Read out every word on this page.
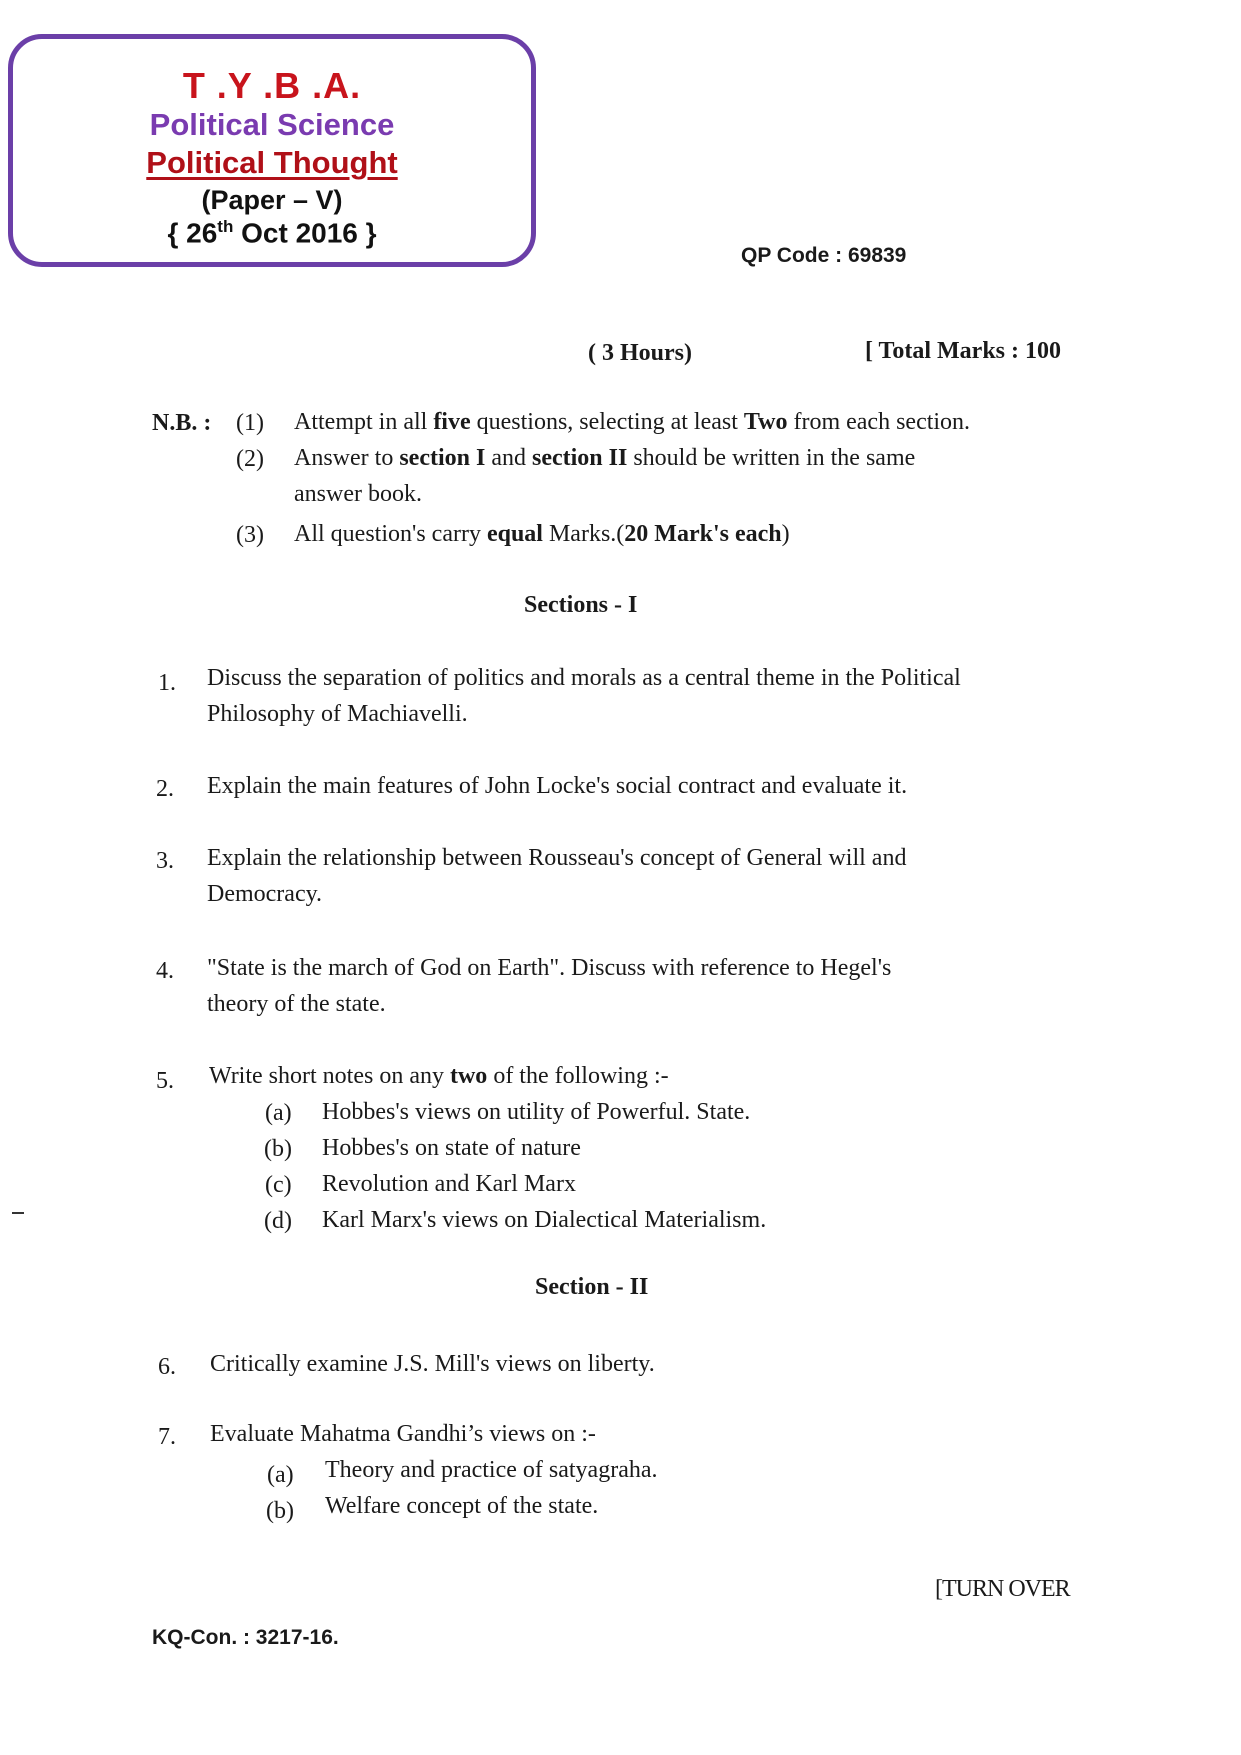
T .Y .B .A.
Political Science
Political Thought
(Paper – V)
{ 26th Oct 2016 }
QP Code : 69839
( 3 Hours)	[ Total Marks : 100
N.B. : (1) Attempt in all five questions, selecting at least Two from each section.
(2) Answer to section I and section II should be written in the same
answer book.
(3) All question's carry equal Marks.(20 Mark's each)
Sections - I
1. Discuss the separation of politics and morals as a central theme in the Political
Philosophy of Machiavelli.
2. Explain the main features of John Locke's social contract and evaluate it.
3. Explain the relationship between Rousseau's concept of General will and
Democracy.
4. "State is the march of God on Earth". Discuss with reference to Hegel's
theory of the state.
5. Write short notes on any two of the following :-
(a) Hobbes's views on utility of Powerful. State.
(b) Hobbes's on state of nature
(c) Revolution and Karl Marx
(d) Karl Marx's views on Dialectical Materialism.
Section - II
6. Critically examine J.S. Mill's views on liberty.
7. Evaluate Mahatma Gandhi’s views on :-
(a) Theory and practice of satyagraha.
(b) Welfare concept of the state.
[TURN OVER
KQ-Con. : 3217-16.
